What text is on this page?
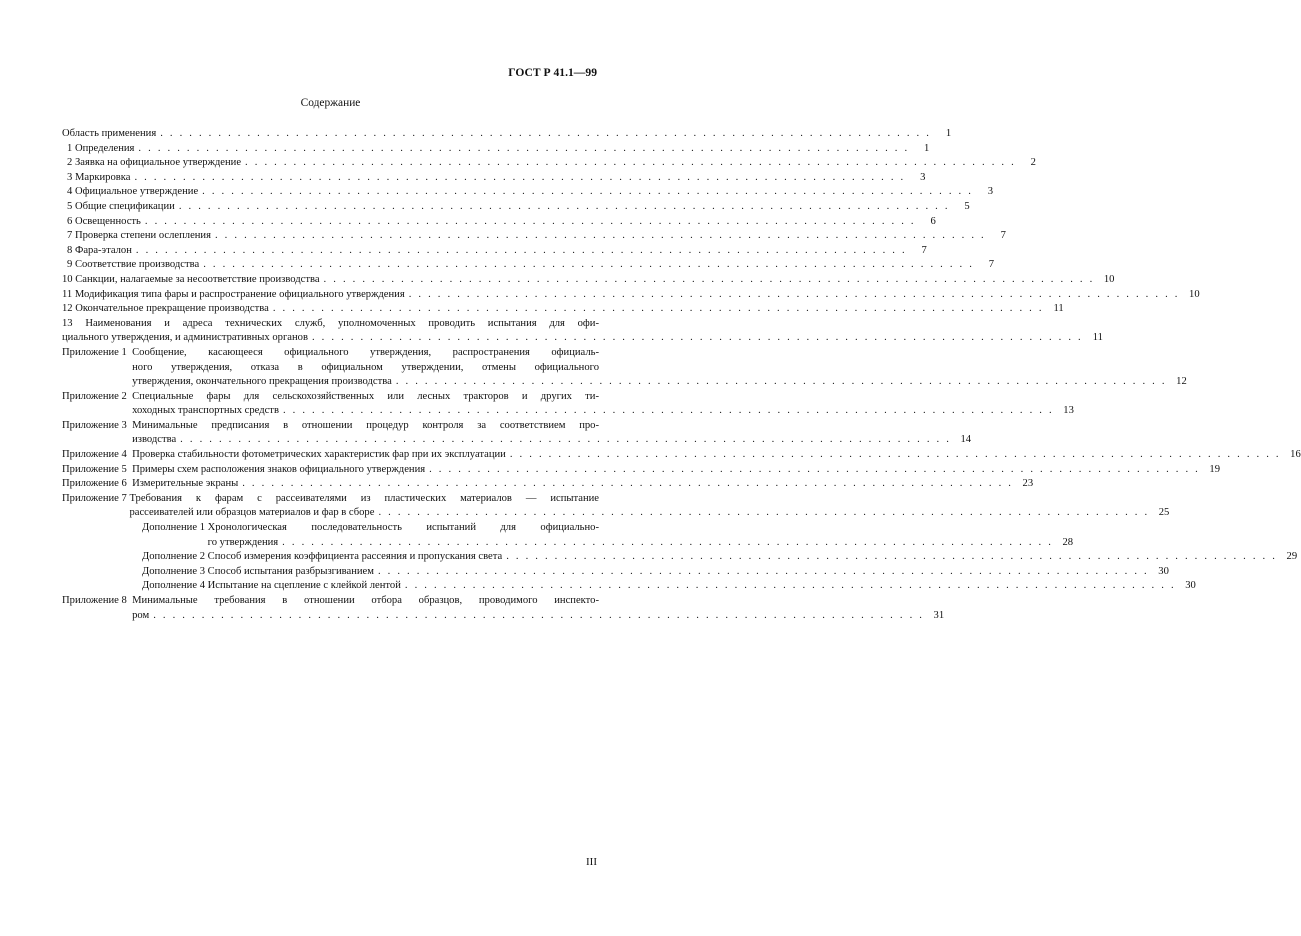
ГОСТ Р 41.1—99
Содержание
Область применения . . . . . . . . . . . . . . . . . . . . . . . . . . . . . . . . . . . . . . . . . . . . . . . . . . . . . . . . . . . . . . . . . . . . . . . . . . . . . . . .	1
1 Определения . . . . . . . . . . . . . . . . . . . . . . . . . . . . . . . . . . . . . . . . . . . . . . . . . . . . . . . . . . . . . . . . . . . . . . . . . . . . . . . .	1
2 Заявка на официальное утверждение . . . . . . . . . . . . . . . . . . . . . . . . . . . . . . . . . . . . . . . . . . . . . . . . . . . . . . . . . . . . . . . . . . . . . . . . . . . . . . . .	2
3 Маркировка . . . . . . . . . . . . . . . . . . . . . . . . . . . . . . . . . . . . . . . . . . . . . . . . . . . . . . . . . . . . . . . . . . . . . . . . . . . . . . . .	3
4 Официальное утверждение . . . . . . . . . . . . . . . . . . . . . . . . . . . . . . . . . . . . . . . . . . . . . . . . . . . . . . . . . . . . . . . . . . . . . . . . . . . . . . . .	3
5 Общие спецификации . . . . . . . . . . . . . . . . . . . . . . . . . . . . . . . . . . . . . . . . . . . . . . . . . . . . . . . . . . . . . . . . . . . . . . . . . . . . . . . .	5
6 Освещенность . . . . . . . . . . . . . . . . . . . . . . . . . . . . . . . . . . . . . . . . . . . . . . . . . . . . . . . . . . . . . . . . . . . . . . . . . . . . . . . .	6
7 Проверка степени ослепления . . . . . . . . . . . . . . . . . . . . . . . . . . . . . . . . . . . . . . . . . . . . . . . . . . . . . . . . . . . . . . . . . . . . . . . . . . . . . . . .	7
8 Фара-эталон . . . . . . . . . . . . . . . . . . . . . . . . . . . . . . . . . . . . . . . . . . . . . . . . . . . . . . . . . . . . . . . . . . . . . . . . . . . . . . . .	7
9 Соответствие производства . . . . . . . . . . . . . . . . . . . . . . . . . . . . . . . . . . . . . . . . . . . . . . . . . . . . . . . . . . . . . . . . . . . . . . . . . . . . . . . .	7
10 Санкции, налагаемые за несоответствие производства . . . . . . . . . . . . . . . . . . . . . . . . . . . . . . . . . . . . . . . . . . . . . . . . . . . . . . . . . . . . . . . . . . . . . . . . . . . . . . . . 10
11 Модификация типа фары и распространение официального утверждения . . . . . . . . . . . . . . . . . . . . . . . . . . . . . . . . . . . . . . . . . . . . . . . . . . . . . . . . . . . . . . . . . . . . . . . . . . . . . . . . 10
12 Окончательное прекращение производства . . . . . . . . . . . . . . . . . . . . . . . . . . . . . . . . . . . . . . . . . . . . . . . . . . . . . . . . . . . . . . . . . . . . . . . . . . . . . . . . 11
13 Наименования и адреса технических служб, уполномоченных проводить испытания для офи-
циального утверждения, и административных органов . . . . . . . . . . . . . . . . . . . . . . . . . . . . . . . . . . . . . . . . . . . . . . . . . . . . . . . . . . . . . . . . . . . . . . . . . . . . . . . . 11
Приложение 1 Сообщение, касающееся официального утверждения, распространения официаль-
ного утверждения, отказа в официальном утверждении, отмены официального
утверждения, окончательного прекращения производства . . . . . . . . . . . . . . . . . . . . . . . . . . . . . . . . . . . . . . . . . . . . . . . . . . . . . . . . . . . . . . . . . . . . . . . . . . . . . . . . 12
Приложение 2 Специальные фары для сельскохозяйственных или лесных тракторов и других ти-
хоходных транспортных средств . . . . . . . . . . . . . . . . . . . . . . . . . . . . . . . . . . . . . . . . . . . . . . . . . . . . . . . . . . . . . . . . . . . . . . . . . . . . . . . . 13
Приложение 3 Минимальные предписания в отношении процедур контроля за соответствием про-
изводства . . . . . . . . . . . . . . . . . . . . . . . . . . . . . . . . . . . . . . . . . . . . . . . . . . . . . . . . . . . . . . . . . . . . . . . . . . . . . . . . 14
Приложение 4 Проверка стабильности фотометрических характеристик фар при их эксплуатации . . . . . . . . . . . . . . . . . . . . . . . . . . . . . . . . . . . . . . . . . . . . . . . . . . . . . . . . . . . . . . . . . . . . . . . . . . . . . . . . 16
Приложение 5 Примеры схем расположения знаков официального утверждения . . . . . . . . . . . . . . . . . . . . . . . . . . . . . . . . . . . . . . . . . . . . . . . . . . . . . . . . . . . . . . . . . . . . . . . . . . . . . . . . 19
Приложение 6 Измерительные экраны . . . . . . . . . . . . . . . . . . . . . . . . . . . . . . . . . . . . . . . . . . . . . . . . . . . . . . . . . . . . . . . . . . . . . . . . . . . . . . . . 23
Приложение 7 Требования к фарам с рассеивателями из пластических материалов — испытание
рассеивателей или образцов материалов и фар в сборе . . . . . . . . . . . . . . . . . . . . . . . . . . . . . . . . . . . . . . . . . . . . . . . . . . . . . . . . . . . . . . . . . . . . . . . . . . . . . . . . 25
Дополнение 1 Хронологическая последовательность испытаний для официально-
го утверждения . . . . . . . . . . . . . . . . . . . . . . . . . . . . . . . . . . . . . . . . . . . . . . . . . . . . . . . . . . . . . . . . . . . . . . . . . . . . . . . . 28
Дополнение 2 Способ измерения коэффициента рассеяния и пропускания света . . . . . . . . . . . . . . . . . . . . . . . . . . . . . . . . . . . . . . . . . . . . . . . . . . . . . . . . . . . . . . . . . . . . . . . . . . . . . . . . 29
Дополнение 3 Способ испытания разбрызгиванием . . . . . . . . . . . . . . . . . . . . . . . . . . . . . . . . . . . . . . . . . . . . . . . . . . . . . . . . . . . . . . . . . . . . . . . . . . . . . . . . 30
Дополнение 4 Испытание на сцепление с клейкой лентой . . . . . . . . . . . . . . . . . . . . . . . . . . . . . . . . . . . . . . . . . . . . . . . . . . . . . . . . . . . . . . . . . . . . . . . . . . . . . . . . 30
Приложение 8 Минимальные требования в отношении отбора образцов, проводимого инспекто-
ром . . . . . . . . . . . . . . . . . . . . . . . . . . . . . . . . . . . . . . . . . . . . . . . . . . . . . . . . . . . . . . . . . . . . . . . . . . . . . . . . 31
III
